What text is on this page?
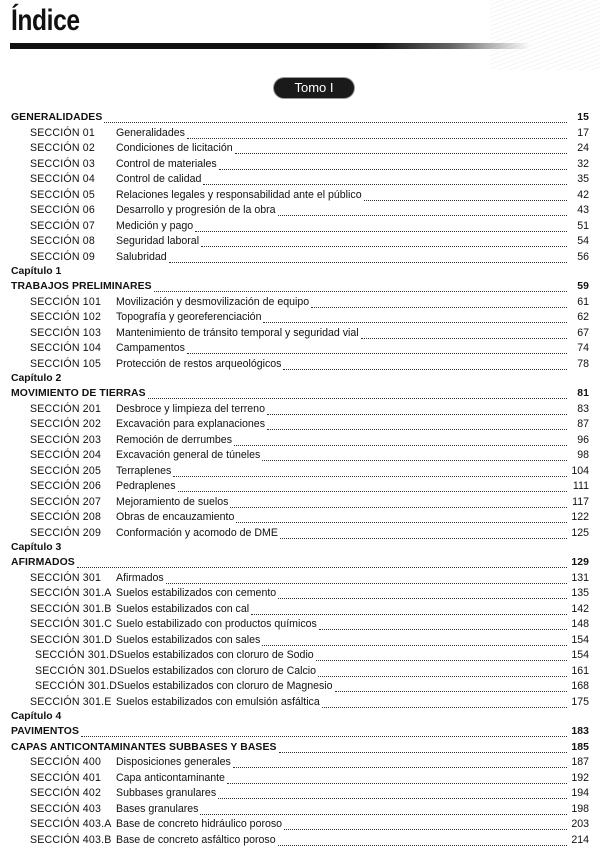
Índice
Tomo I
GENERALIDADES	15
SECCIÓN 01	Generalidades	17
SECCIÓN 02	Condiciones de licitación	24
SECCIÓN 03	Control de materiales	32
SECCIÓN 04	Control de calidad	35
SECCIÓN 05	Relaciones legales y responsabilidad ante el público	42
SECCIÓN 06	Desarrollo y progresión de la obra	43
SECCIÓN 07	Medición y pago	51
SECCIÓN 08	Seguridad laboral	54
SECCIÓN 09	Salubridad	56
Capítulo 1
TRABAJOS PRELIMINARES	59
SECCIÓN 101	Movilización y desmovilización de equipo	61
SECCIÓN 102	Topografía y georeferenciación	62
SECCIÓN 103	Mantenimiento de tránsito temporal y seguridad vial	67
SECCIÓN 104	Campamentos	74
SECCIÓN 105	Protección de restos arqueológicos	78
Capítulo 2
MOVIMIENTO DE TIERRAS	81
SECCIÓN 201	Desbroce y limpieza del terreno	83
SECCIÓN 202	Excavación para explanaciones	87
SECCIÓN 203	Remoción de derrumbes	96
SECCIÓN 204	Excavación general de túneles	98
SECCIÓN 205	Terraplenes	104
SECCIÓN 206	Pedraplenes	111
SECCIÓN 207	Mejoramiento de suelos	117
SECCIÓN 208	Obras de encauzamiento	122
SECCIÓN 209	Conformación y acomodo de DME	125
Capítulo 3
AFIRMADOS	129
SECCIÓN 301	Afirmados	131
SECCIÓN 301.A Suelos estabilizados con cemento	135
SECCIÓN 301.B Suelos estabilizados con cal	142
SECCIÓN 301.C Suelo estabilizado con productos químicos	148
SECCIÓN 301.D Suelos estabilizados con sales	154
SECCIÓN 301.D Suelos estabilizados con cloruro de Sodio	154
SECCIÓN 301.D Suelos estabilizados con cloruro de Calcio	161
SECCIÓN 301.D Suelos estabilizados con cloruro de Magnesio	168
SECCIÓN 301.E Suelos estabilizados con emulsión asfáltica	175
Capítulo 4
PAVIMENTOS	183
CAPAS ANTICONTAMINANTES SUBBASES Y BASES	185
SECCIÓN 400	Disposiciones generales	187
SECCIÓN 401	Capa anticontaminante	192
SECCIÓN 402	Subbases granulares	194
SECCIÓN 403	Bases granulares	198
SECCIÓN 403.A Base de concreto hidráulico poroso	203
SECCIÓN 403.B Base de concreto asfáltico poroso	214
